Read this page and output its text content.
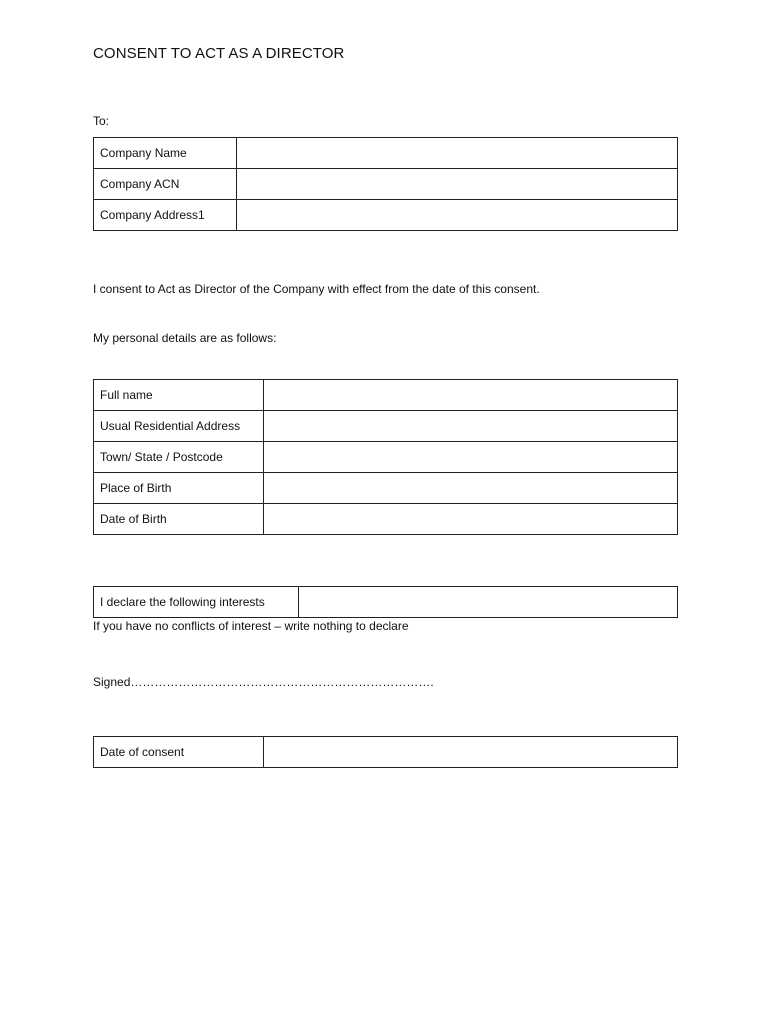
CONSENT TO ACT AS A DIRECTOR
To:
Company Name	
Company ACN	
Company Address1	
I consent to Act as Director of the Company with effect from the date of this consent.
My personal details are as follows:
Full name	
Usual Residential Address	
Town/ State / Postcode	
Place of Birth	
Date of Birth	
I declare the following interests	
If you have no conflicts of interest – write nothing to declare
Signed………………………………………………………………….
Date of consent	
